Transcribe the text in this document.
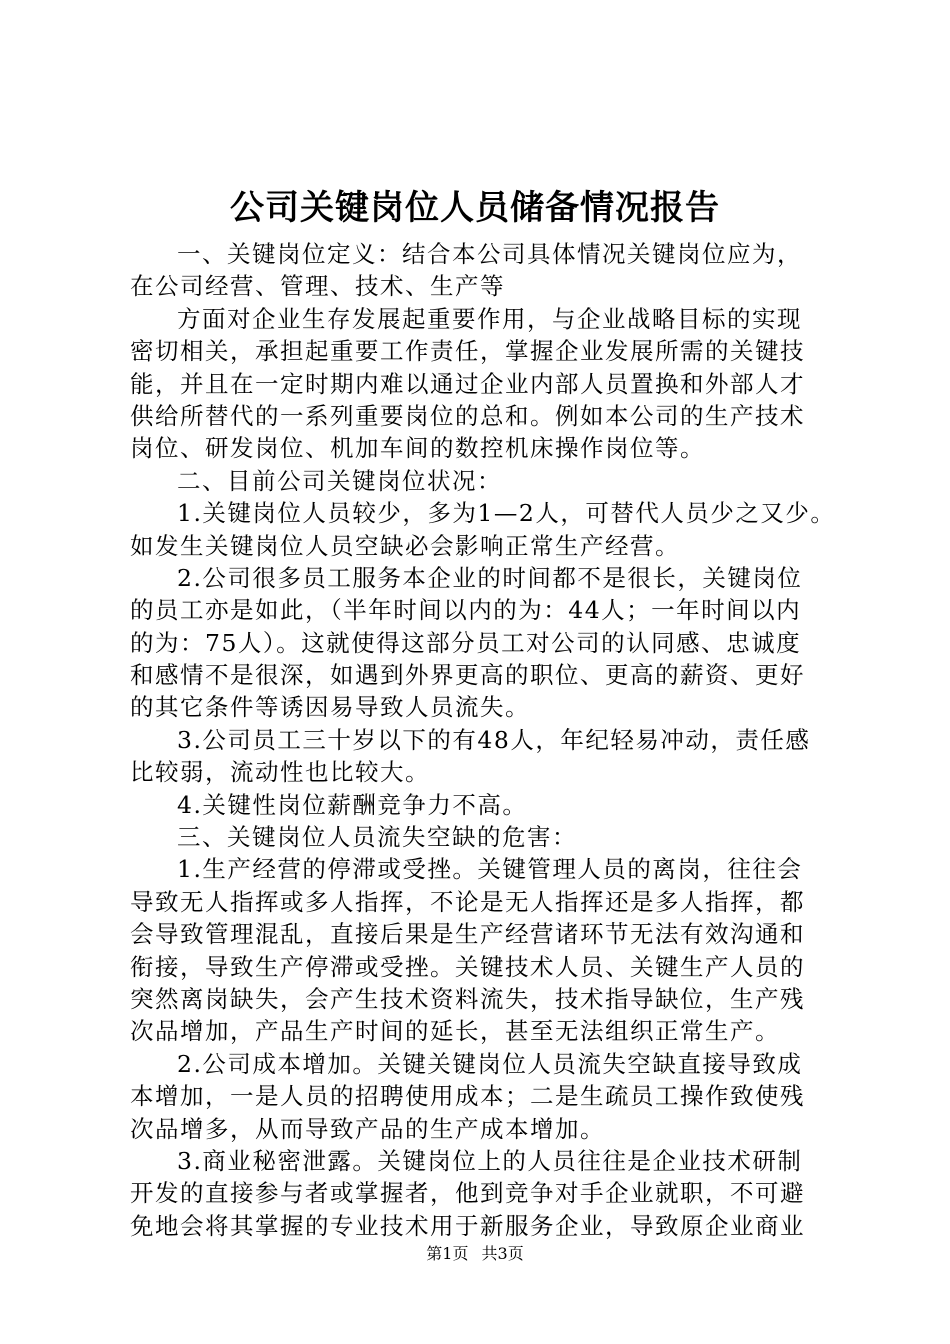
公司关键岗位人员储备情况报告
一、关键岗位定义：结合本公司具体情况关键岗位应为，
在公司经营、管理、技术、生产等
方面对企业生存发展起重要作用，与企业战略目标的实现
密切相关，承担起重要工作责任，掌握企业发展所需的关键技
能，并且在一定时期内难以通过企业内部人员置换和外部人才
供给所替代的一系列重要岗位的总和。例如本公司的生产技术
岗位、研发岗位、机加车间的数控机床操作岗位等。
二、目前公司关键岗位状况：
1.关键岗位人员较少，多为1—2人，可替代人员少之又少。
如发生关键岗位人员空缺必会影响正常生产经营。
2.公司很多员工服务本企业的时间都不是很长，关键岗位
的员工亦是如此，（半年时间以内的为：44人；一年时间以内
的为：75人）。这就使得这部分员工对公司的认同感、忠诚度
和感情不是很深，如遇到外界更高的职位、更高的薪资、更好
的其它条件等诱因易导致人员流失。
3.公司员工三十岁以下的有48人，年纪轻易冲动，责任感
比较弱，流动性也比较大。
4.关键性岗位薪酬竞争力不高。
三、关键岗位人员流失空缺的危害：
1.生产经营的停滞或受挫。关键管理人员的离岗，往往会
导致无人指挥或多人指挥，不论是无人指挥还是多人指挥，都
会导致管理混乱，直接后果是生产经营诸环节无法有效沟通和
衔接，导致生产停滞或受挫。关键技术人员、关键生产人员的
突然离岗缺失，会产生技术资料流失，技术指导缺位，生产残
次品增加，产品生产时间的延长，甚至无法组织正常生产。
2.公司成本增加。关键关键岗位人员流失空缺直接导致成
本增加，一是人员的招聘使用成本；二是生疏员工操作致使残
次品增多，从而导致产品的生产成本增加。
3.商业秘密泄露。关键岗位上的人员往往是企业技术研制
开发的直接参与者或掌握者，他到竞争对手企业就职，不可避
免地会将其掌握的专业技术用于新服务企业，导致原企业商业
第1页 共3页
